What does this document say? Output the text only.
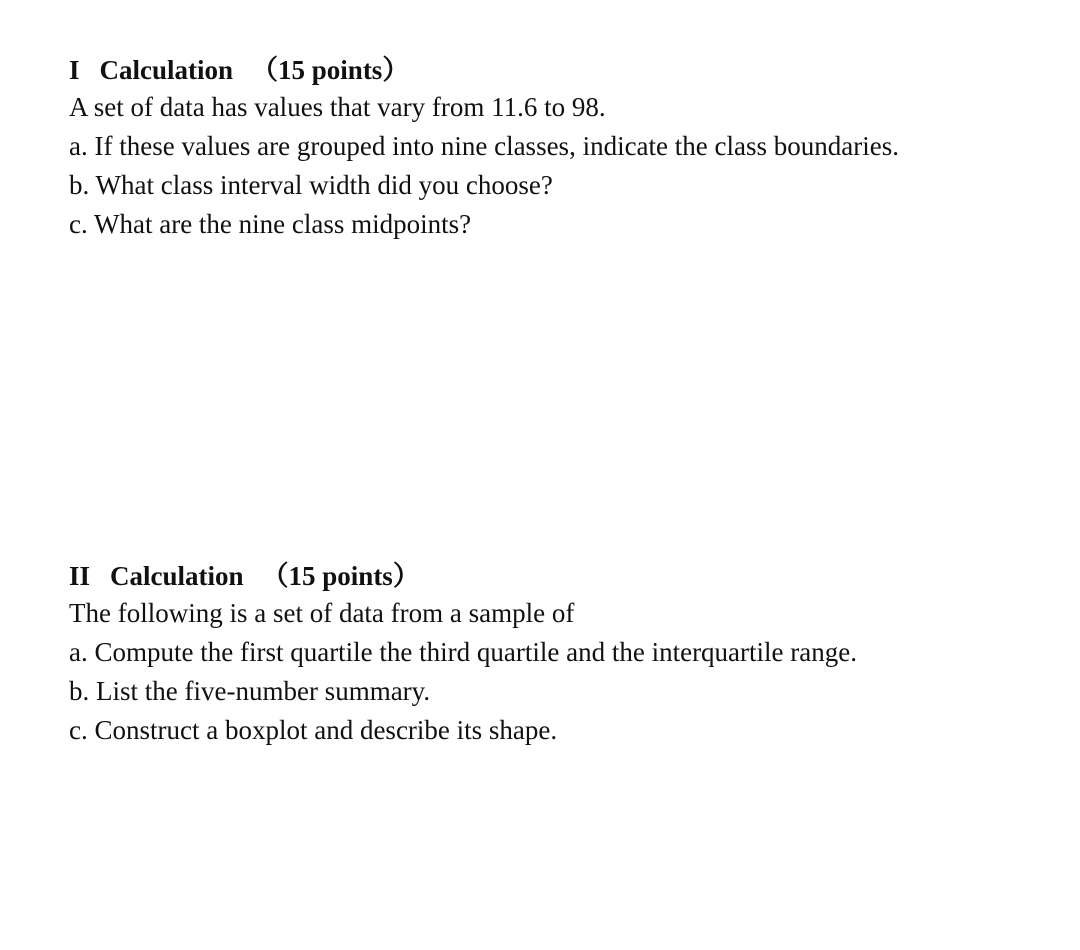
I Calculation （15 points）
A set of data has values that vary from 11.6 to 98.
a. If these values are grouped into nine classes, indicate the class boundaries.
b. What class interval width did you choose?
c. What are the nine class midpoints?
II Calculation （15 points）
The following is a set of data from a sample of
a. Compute the first quartile the third quartile and the interquartile range.
b. List the five-number summary.
c. Construct a boxplot and describe its shape.
